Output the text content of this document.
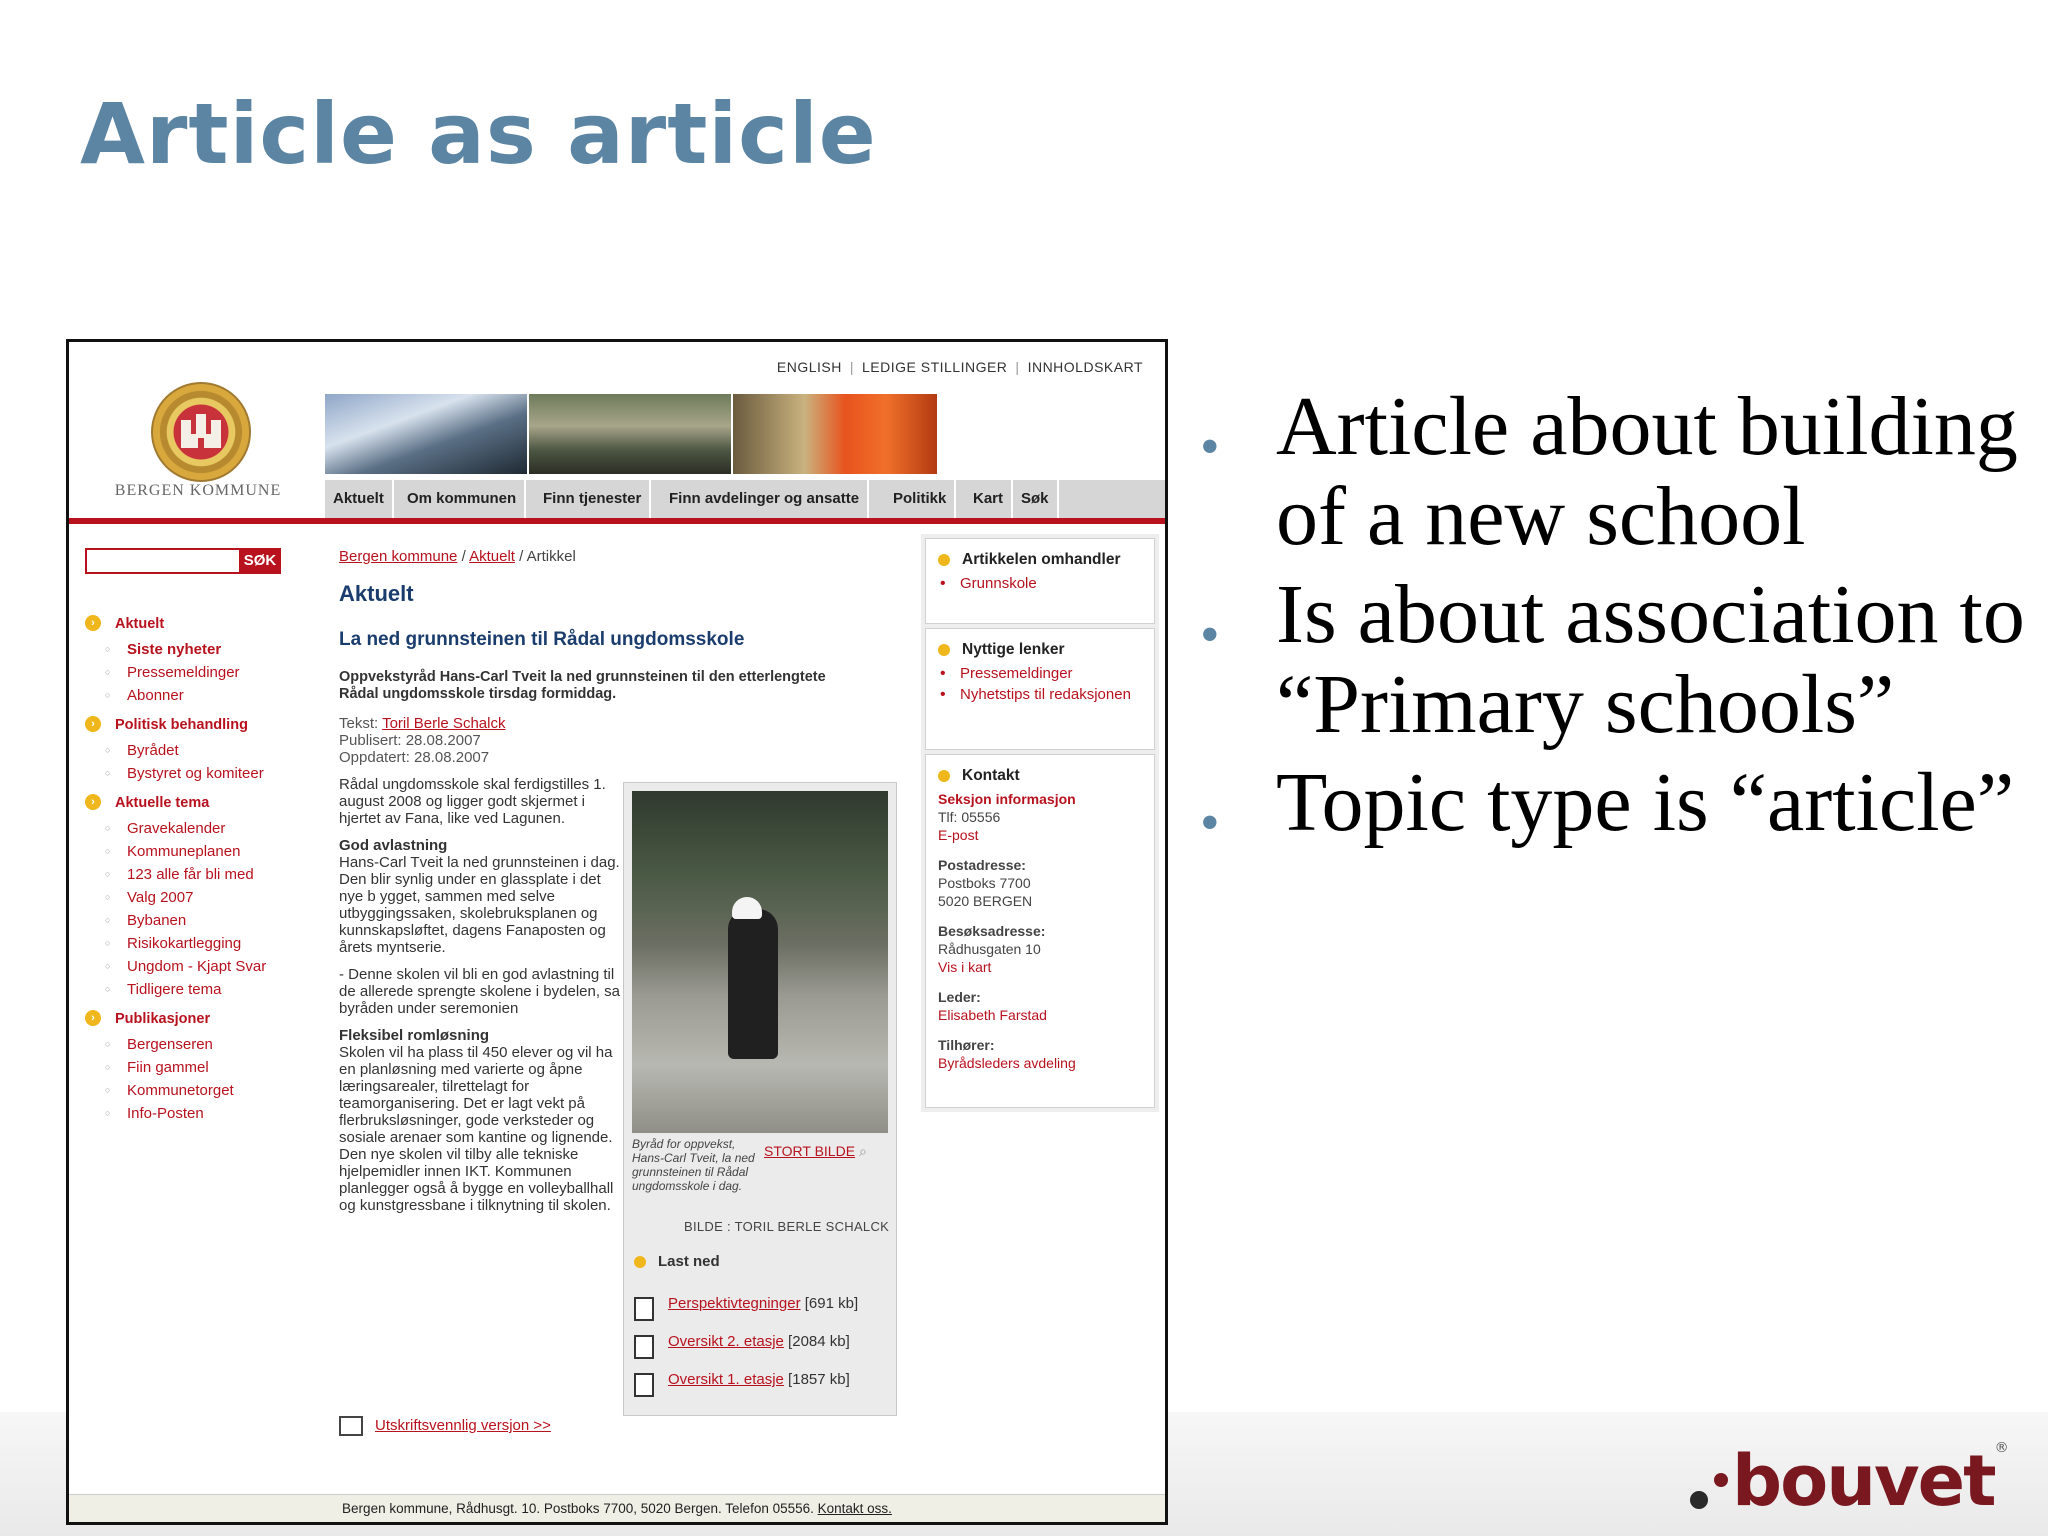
Article as article
ENGLISH | LEDIGE STILLINGER | INNHOLDSKART
BERGEN KOMMUNE	Aktuelt	Om kommunen	Finn tjenester	Finn avdelinger og ansatte	Politikk	Kart	Søk
SØK
›	Aktuelt
○ Siste nyheter
○ Pressemeldinger
○ Abonner
›	Politisk behandling
○ Byrådet
○ Bystyret og komiteer
›	Aktuelle tema
○ Gravekalender
○ Kommuneplanen
○ 123 alle får bli med
○ Valg 2007
○ Bybanen
○ Risikokartlegging
○ Ungdom - Kjapt Svar
○ Tidligere tema
›	Publikasjoner
○ Bergenseren
○ Fiin gammel
○ Kommunetorget
○ Info-Posten
Bergen kommune / Aktuelt / Artikkel
Aktuelt
La ned grunnsteinen til Rådal ungdomsskole
Oppvekstyråd Hans-Carl Tveit la ned grunnsteinen til den etterlengtete Rådal ungdomsskole tirsdag formiddag.
Tekst: Toril Berle Schalck
Publisert: 28.08.2007
Oppdatert: 28.08.2007

Rådal ungdomsskole skal ferdigstilles 1. august 2008 og ligger godt skjermet i hjertet av Fana, like ved Lagunen.

God avlastning
Hans-Carl Tveit la ned grunnsteinen i dag. Den blir synlig under en glassplate i det nye b ygget, sammen med selve utbyggingssaken, skolebruksplanen og kunnskapsløftet, dagens Fanaposten og årets myntserie.

- Denne skolen vil bli en god avlastning til de allerede sprengte skolene i bydelen, sa byråden under seremonien

Fleksibel romløsning
Skolen vil ha plass til 450 elever og vil ha en planløsning med varierte og åpne læringsarealer, tilrettelagt for teamorganisering. Det er lagt vekt på flerbruksløsninger, gode verksteder og sosiale arenaer som kantine og lignende. Den nye skolen vil tilby alle tekniske hjelpemidler innen IKT. Kommunen planlegger også å bygge en volleyballhall og kunstgressbane i tilknytning til skolen.

Utskriftsvennlig versjon >>
Byråd for oppvekst, Hans-Carl Tveit, la ned grunnsteinen til Rådal ungdomsskole i dag.
STORT BILDE ⌕
BILDE : TORIL BERLE SCHALCK
Last ned
Perspektivtegninger [691 kb]
Oversikt 2. etasje [2084 kb]
Oversikt 1. etasje [1857 kb]
Artikkelen omhandler
• Grunnskole
Nyttige lenker
• Pressemeldinger
• Nyhetstips til redaksjonen
Kontakt
Seksjon informasjon
Tlf: 05556
E-post
Postadresse:
Postboks 7700
5020 BERGEN
Besøksadresse:
Rådhusgaten 10
Vis i kart
Leder:
Elisabeth Farstad
Tilhører:
Byrådsleders avdeling
Bergen kommune, Rådhusgt. 10. Postboks 7700, 5020 Bergen. Telefon 05556. Kontakt oss.
• Article about building of a new school
• Is about association to “Primary schools”
• Topic type is “article”
bouvet®
